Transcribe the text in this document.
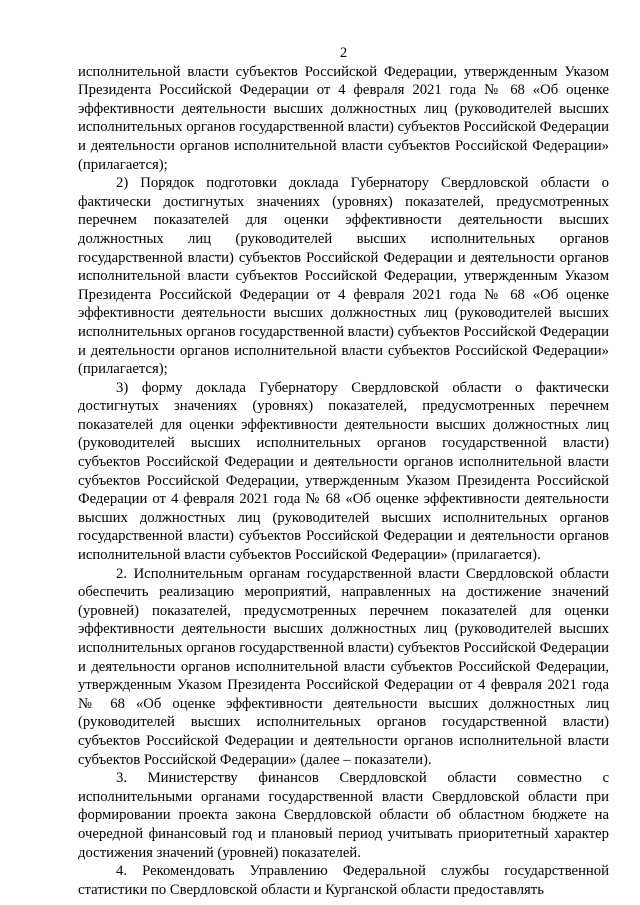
2

исполнительной власти субъектов Российской Федерации, утвержденным Указом Президента Российской Федерации от 4 февраля 2021 года № 68 «Об оценке эффективности деятельности высших должностных лиц (руководителей высших исполнительных органов государственной власти) субъектов Российской Федерации и деятельности органов исполнительной власти субъектов Российской Федерации» (прилагается);

2) Порядок подготовки доклада Губернатору Свердловской области о фактически достигнутых значениях (уровнях) показателей, предусмотренных перечнем показателей для оценки эффективности деятельности высших должностных лиц (руководителей высших исполнительных органов государственной власти) субъектов Российской Федерации и деятельности органов исполнительной власти субъектов Российской Федерации, утвержденным Указом Президента Российской Федерации от 4 февраля 2021 года № 68 «Об оценке эффективности деятельности высших должностных лиц (руководителей высших исполнительных органов государственной власти) субъектов Российской Федерации и деятельности органов исполнительной власти субъектов Российской Федерации» (прилагается);

3) форму доклада Губернатору Свердловской области о фактически достигнутых значениях (уровнях) показателей, предусмотренных перечнем показателей для оценки эффективности деятельности высших должностных лиц (руководителей высших исполнительных органов государственной власти) субъектов Российской Федерации и деятельности органов исполнительной власти субъектов Российской Федерации, утвержденным Указом Президента Российской Федерации от 4 февраля 2021 года № 68 «Об оценке эффективности деятельности высших должностных лиц (руководителей высших исполнительных органов государственной власти) субъектов Российской Федерации и деятельности органов исполнительной власти субъектов Российской Федерации» (прилагается).

2. Исполнительным органам государственной власти Свердловской области обеспечить реализацию мероприятий, направленных на достижение значений (уровней) показателей, предусмотренных перечнем показателей для оценки эффективности деятельности высших должностных лиц (руководителей высших исполнительных органов государственной власти) субъектов Российской Федерации и деятельности органов исполнительной власти субъектов Российской Федерации, утвержденным Указом Президента Российской Федерации от 4 февраля 2021 года № 68 «Об оценке эффективности деятельности высших должностных лиц (руководителей высших исполнительных органов государственной власти) субъектов Российской Федерации и деятельности органов исполнительной власти субъектов Российской Федерации» (далее – показатели).

3. Министерству финансов Свердловской области совместно с исполнительными органами государственной власти Свердловской области при формировании проекта закона Свердловской области об областном бюджете на очередной финансовый год и плановый период учитывать приоритетный характер достижения значений (уровней) показателей.

4. Рекомендовать Управлению Федеральной службы государственной статистики по Свердловской области и Курганской области предоставлять
